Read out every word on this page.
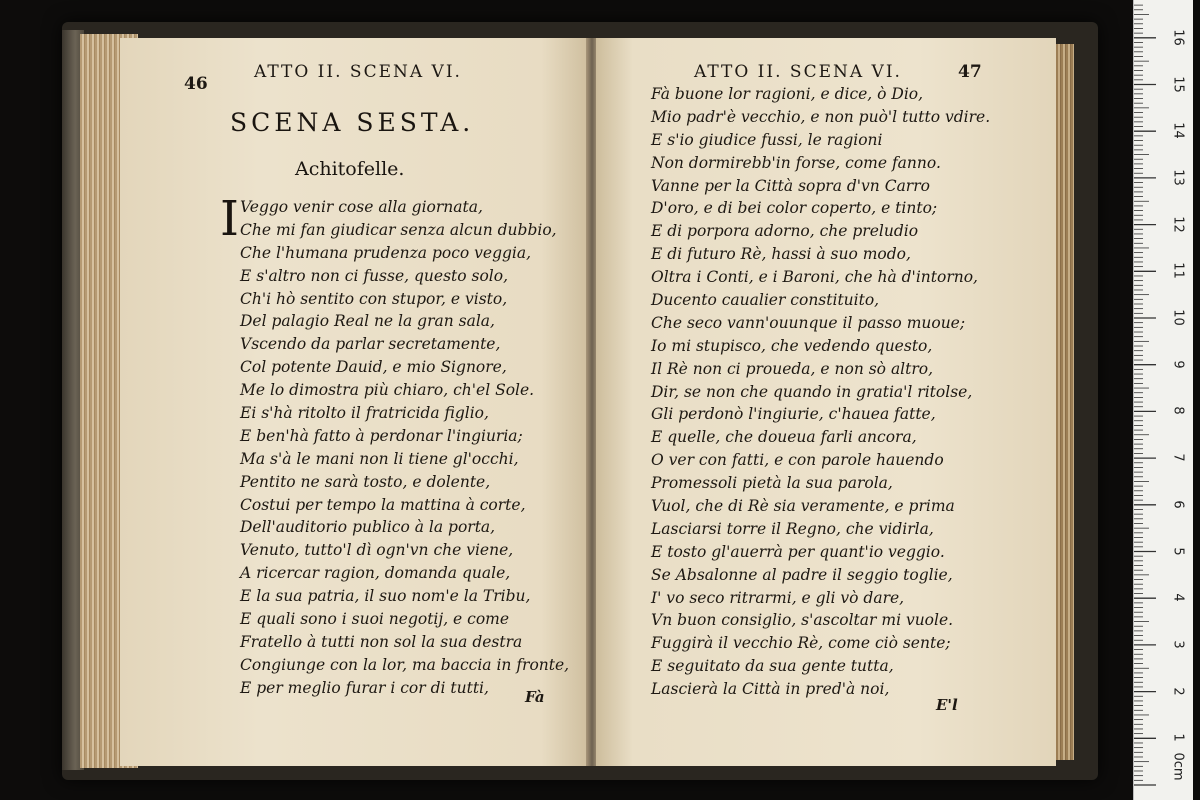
46
ATTO II. SCENA VI.
SCENA SESTA.
Achitofelle.
I Veggo venir cose alla giornata,
Che mi fan giudicar senza alcun dubbio,
Che l'humana prudenza poco veggia,
E s'altro non ci fusse, questo solo,
Ch'i hò sentito con stupor, e visto,
Del palagio Real ne la gran sala,
Vscendo da parlar secretamente,
Col potente Dauid, e mio Signore,
Me lo dimostra più chiaro, ch'el Sole.
Ei s'hà ritolto il fratricida figlio,
E ben'hà fatto à perdonar l'ingiuria;
Ma s'à le mani non li tiene gl'occhi,
Pentito ne sarà tosto, e dolente,
Costui per tempo la mattina à corte,
Dell'auditorio publico à la porta,
Venuto, tutto'l dì ogn'vn che viene,
A ricercar ragion, domanda quale,
E la sua patria, il suo nom'e la Tribu,
E quali sono i suoi negotij, e come
Fratello à tutti non sol la sua destra
Congiunge con la lor, ma baccia in fronte,
E per meglio furar i cor di tutti,
Fà
ATTO II. SCENA VI.	47
Fà buone lor ragioni, e dice, ò Dio,
Mio padr'è vecchio, e non può'l tutto vdire.
E s'io giudice fussi, le ragioni
Non dormirebb'in forse, come fanno.
Vanne per la Città sopra d'vn Carro
D'oro, e di bei color coperto, e tinto;
E di porpora adorno, che preludio
E di futuro Rè, hassi à suo modo,
Oltra i Conti, e i Baroni, che hà d'intorno,
Ducento caualier constituito,
Che seco vann'ouunque il passo muoue;
Io mi stupisco, che vedendo questo,
Il Rè non ci proueda, e non sò altro,
Dir, se non che quando in gratia'l ritolse,
Gli perdonò l'ingiurie, c'hauea fatte,
E quelle, che doueua farli ancora,
O ver con fatti, e con parole hauendo
Promessoli pietà la sua parola,
Vuol, che di Rè sia veramente, e prima
Lasciarsi torre il Regno, che vidirla,
E tosto gl'auerrà per quant'io veggio.
Se Absalonne al padre il seggio toglie,
I' vo seco ritrarmi, e gli vò dare,
Vn buon consiglio, s'ascoltar mi vuole.
Fuggirà il vecchio Rè, come ciò sente;
E seguitato da sua gente tutta,
Lascierà la Città in pred'à noi,
E'l
0cm
1
2
3
4
5
6
7
8
9
10
11
12
13
14
15
16
